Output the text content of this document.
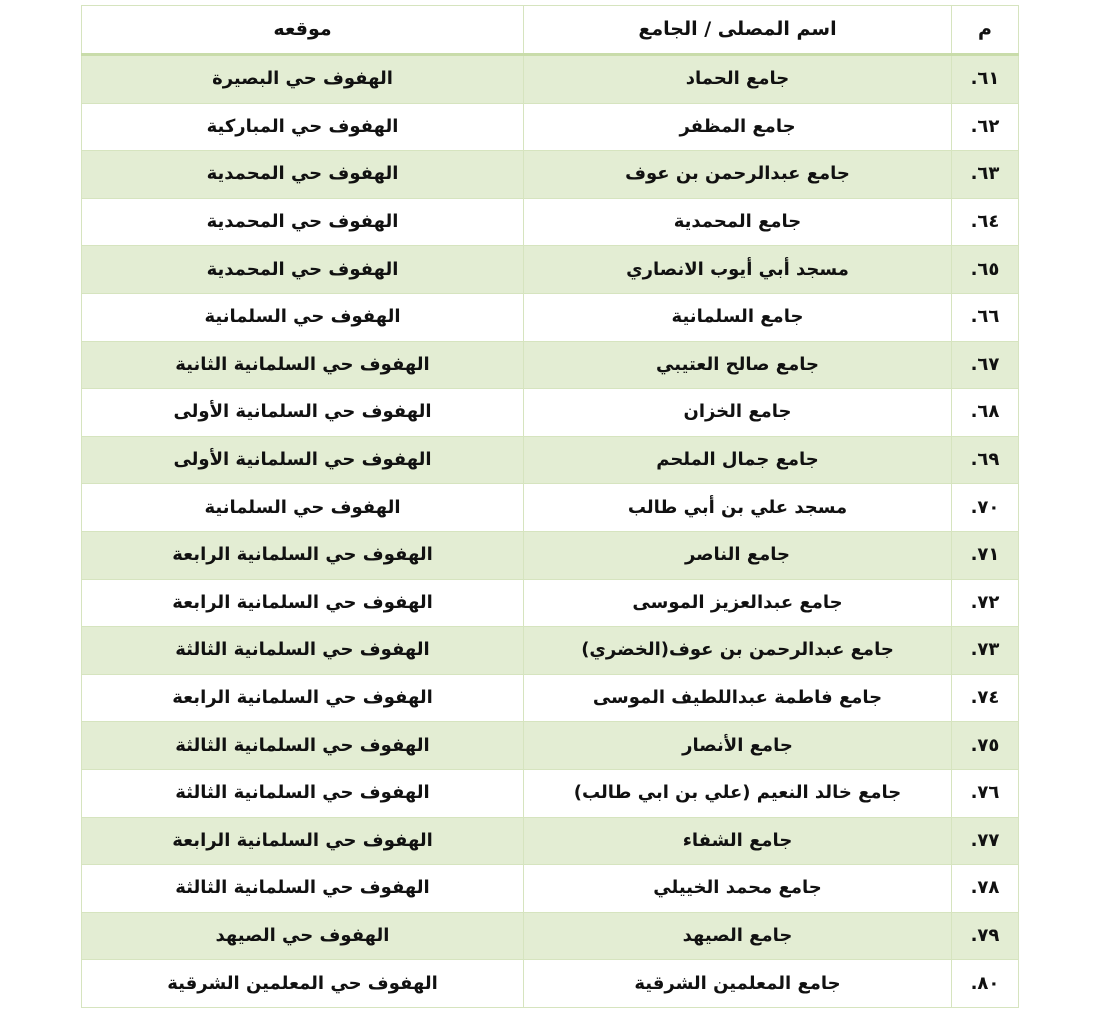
م	اسم المصلى / الجامع	موقعه
٦١.	جامع الحماد	الهفوف حي البصيرة
٦٢.	جامع المظفر	الهفوف حي المباركية
٦٣.	جامع عبدالرحمن بن عوف	الهفوف حي المحمدية
٦٤.	جامع المحمدية	الهفوف حي المحمدية
٦٥.	مسجد أبي أيوب الانصاري	الهفوف حي المحمدية
٦٦.	جامع السلمانية	الهفوف حي السلمانية
٦٧.	جامع صالح العتيبي	الهفوف حي السلمانية الثانية
٦٨.	جامع الخزان	الهفوف حي السلمانية الأولى
٦٩.	جامع جمال الملحم	الهفوف حي السلمانية الأولى
٧٠.	مسجد علي بن أبي طالب	الهفوف حي السلمانية
٧١.	جامع الناصر	الهفوف حي السلمانية الرابعة
٧٢.	جامع عبدالعزيز الموسى	الهفوف حي السلمانية الرابعة
٧٣.	جامع عبدالرحمن بن عوف(الخضري)	الهفوف حي السلمانية الثالثة
٧٤.	جامع فاطمة عبداللطيف الموسى	الهفوف حي السلمانية الرابعة
٧٥.	جامع الأنصار	الهفوف حي السلمانية الثالثة
٧٦.	جامع خالد النعيم (علي بن ابي طالب)	الهفوف حي السلمانية الثالثة
٧٧.	جامع الشفاء	الهفوف حي السلمانية الرابعة
٧٨.	جامع محمد الخييلي	الهفوف حي السلمانية الثالثة
٧٩.	جامع الصيهد	الهفوف حي الصيهد
٨٠.	جامع المعلمين الشرقية	الهفوف حي المعلمين الشرقية
